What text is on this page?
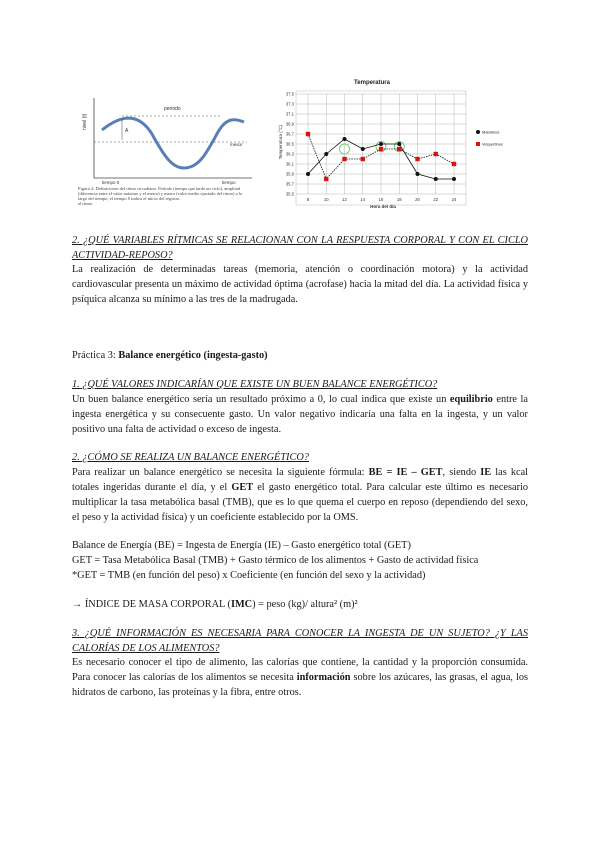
nivel (t)
mesor
periodo
A
tiempo 0	tiempo
Figura 2: Definiciones del ritmo circadiano. Período (tiempo que tarda un ciclo), amplitud
(diferencia entre el valor máximo y el mesor) y mesor (valor medio ajustado del ritmo) a lo
largo del tiempo; el tiempo 0 indica el inicio del registro.
al ritmo.
Temperatura
Temperatura (°C)
Hora del día
37.5
37.3
37.1
36.9
36.7
36.5
36.3
36.1
35.9
35.7
35.5
8	10	12	14	16	18	20	22	24
Matutinos
Vespertinos
2. ¿QUÉ VARIABLES RÍTMICAS SE RELACIONAN CON LA RESPUESTA CORPORAL Y CON EL CICLO ACTIVIDAD-REPOSO?
La realización de determinadas tareas (memoria, atención o coordinación motora) y la actividad cardiovascular presenta un máximo de actividad óptima (acrofase) hacia la mitad del día. La actividad física y psíquica alcanza su mínimo a las tres de la madrugada.
Práctica 3: Balance energético (ingesta-gasto)
1. ¿QUÉ VALORES INDICARÍAN QUE EXISTE UN BUEN BALANCE ENERGÉTICO?
Un buen balance energético sería un resultado próximo a 0, lo cual indica que existe un equilibrio entre la ingesta energética y su consecuente gasto. Un valor negativo indicaría una falta en la ingesta, y un valor positivo una falta de actividad o exceso de ingesta.
2. ¿CÓMO SE REALIZA UN BALANCE ENERGÉTICO?
Para realizar un balance energético se necesita la siguiente fórmula: BE = IE – GET, siendo IE las kcal totales ingeridas durante el día, y el GET el gasto energético total. Para calcular este último es necesario multiplicar la tasa metabólica basal (TMB), que es lo que quema el cuerpo en reposo (dependiendo del sexo, el peso y la actividad física) y un coeficiente establecido por la OMS.
Balance de Energía (BE) = Ingesta de Energía (IE) – Gasto energético total (GET)
GET = Tasa Metabólica Basal (TMB) + Gasto térmico de los alimentos + Gasto de actividad física
*GET = TMB (en función del peso) x Coeficiente (en función del sexo y la actividad)
→ ÍNDICE DE MASA CORPORAL (IMC) = peso (kg)/ altura² (m)²
3. ¿QUÉ INFORMACIÓN ES NECESARIA PARA CONOCER LA INGESTA DE UN SUJETO? ¿Y LAS CALORÍAS DE LOS ALIMENTOS?
Es necesario conocer el tipo de alimento, las calorías que contiene, la cantidad y la proporción consumida. Para conocer las calorías de los alimentos se necesita información sobre los azúcares, las grasas, el agua, los hidratos de carbono, las proteínas y la fibra, entre otros.
